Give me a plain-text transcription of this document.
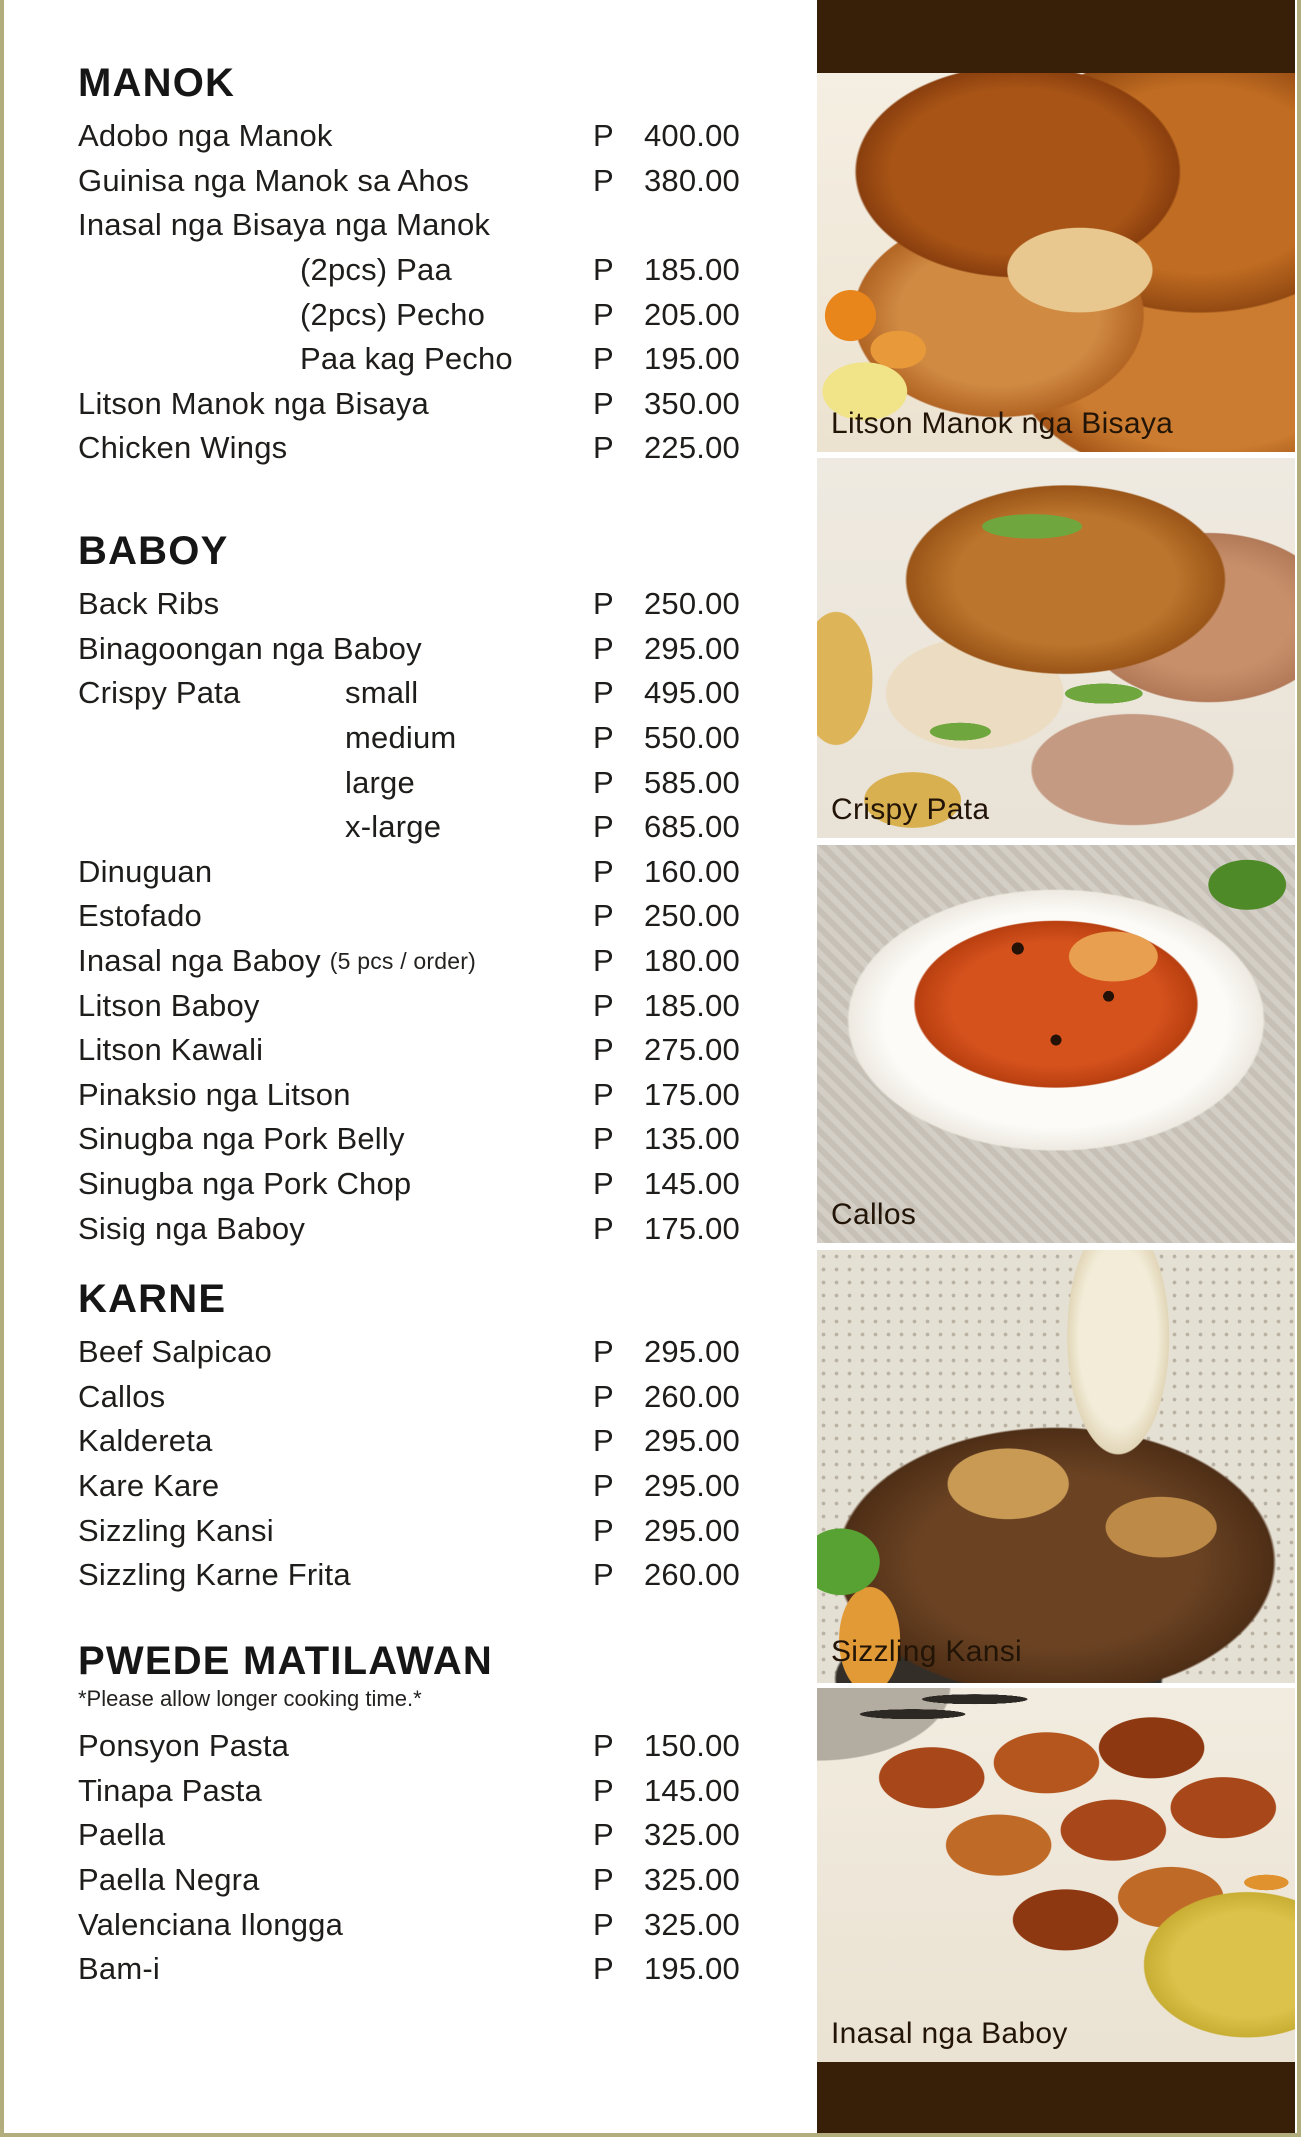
MANOK
Adobo nga Manok	P 400.00
Guinisa nga Manok sa Ahos	P 380.00
Inasal nga Bisaya nga Manok
(2pcs) Paa	P 185.00
(2pcs) Pecho	P 205.00
Paa kag Pecho	P 195.00
Litson Manok nga Bisaya	P 350.00
Chicken Wings	P 225.00
BABOY
Back Ribs	P 250.00
Binagoongan nga Baboy	P 295.00
Crispy Pata	small	P 495.00
medium	P 550.00
large	P 585.00
x-large	P 685.00
Dinuguan	P 160.00
Estofado	P 250.00
Inasal nga Baboy (5 pcs / order)	P 180.00
Litson Baboy	P 185.00
Litson Kawali	P 275.00
Pinaksio nga Litson	P 175.00
Sinugba nga Pork Belly	P 135.00
Sinugba nga Pork Chop	P 145.00
Sisig nga Baboy	P 175.00
KARNE
Beef Salpicao	P 295.00
Callos	P 260.00
Kaldereta	P 295.00
Kare Kare	P 295.00
Sizzling Kansi	P 295.00
Sizzling Karne Frita	P 260.00
PWEDE MATILAWAN

*Please allow longer cooking time.*

Ponsyon Pasta	P 150.00
Tinapa Pasta	P 145.00
Paella	P 325.00
Paella Negra	P 325.00
Valenciana Ilongga	P 325.00
Bam-i	P 195.00
Litson Manok nga Bisaya
Crispy Pata
Callos
Sizzling Kansi
Inasal nga Baboy
